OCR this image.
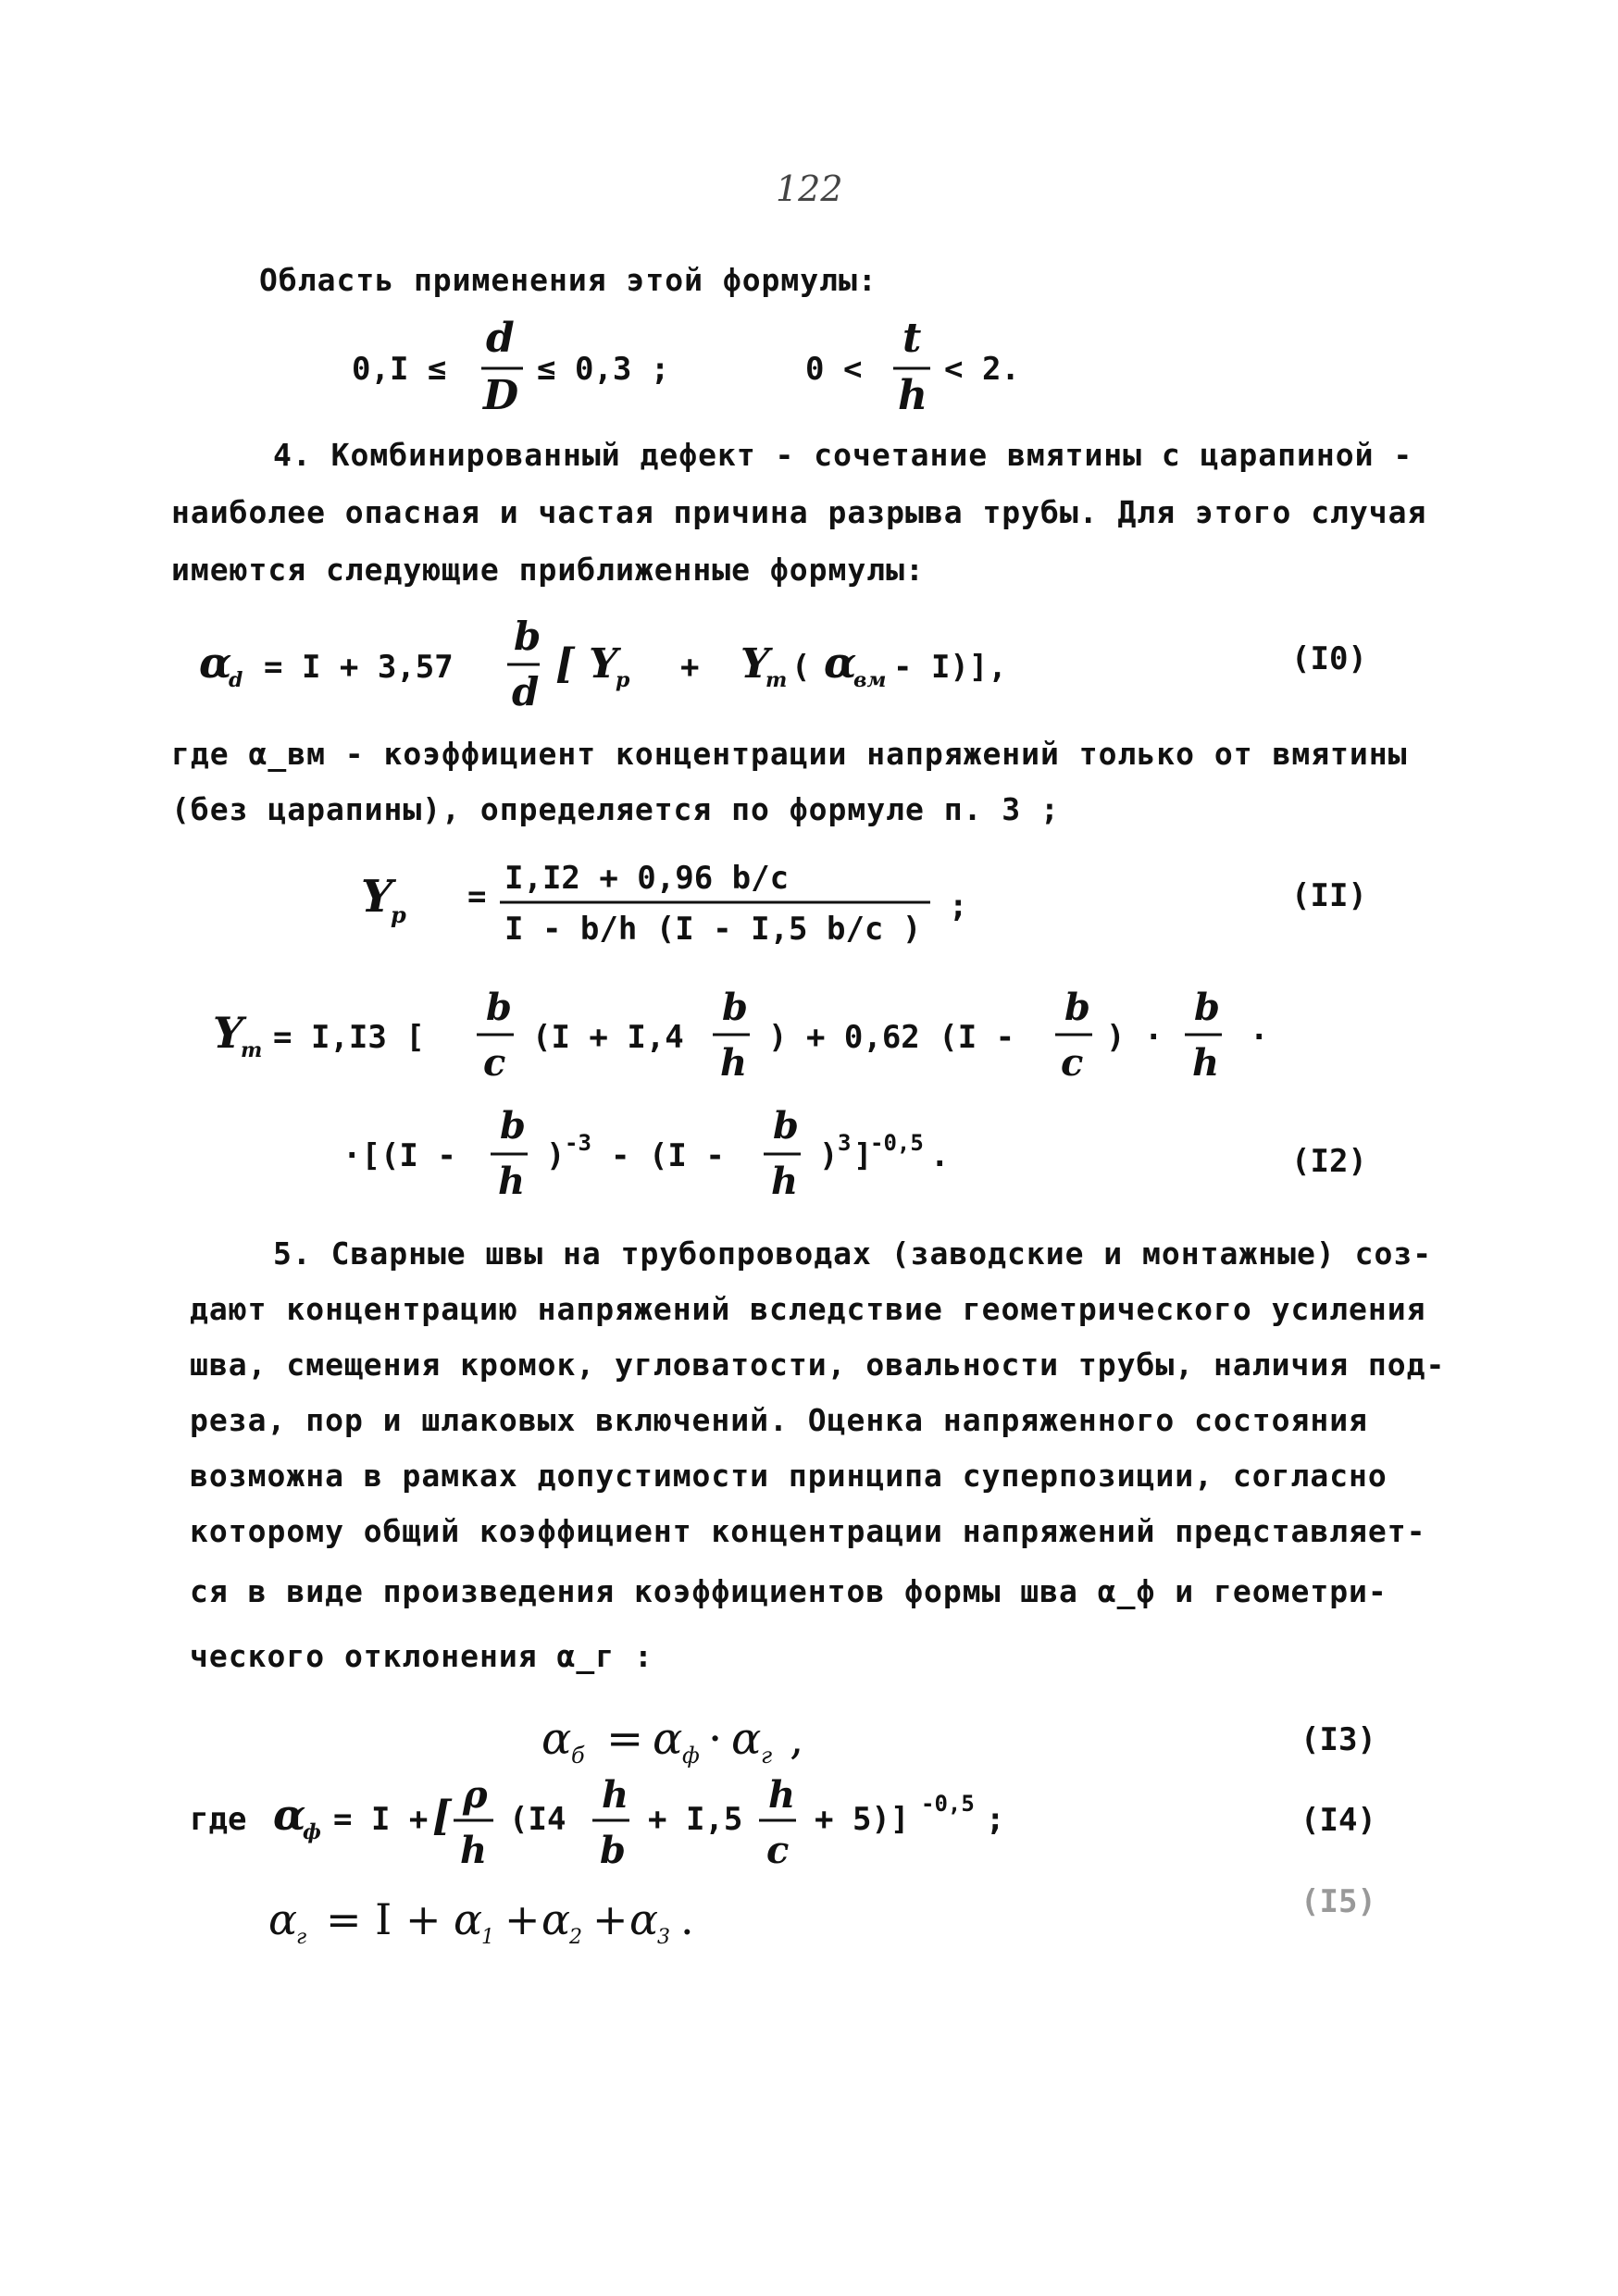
122
Область применения этой формулы:
0,I ≤
d
D
≤ 0,3 ;	0 <
t
h
< 2.
4. Комбинированный дефект - сочетание вмятины с царапиной -
наиболее опасная и частая причина разрыва трубы. Для этого случая
имеются следующие приближенные формулы:
α
d = I + 3,57
b
d
[ Y
p + Y
m ( α
вм - I)],	(I0)
где α_вм - коэффициент концентрации напряжений только от вмятины
(без царапины), определяется по формуле п. 3 ;
Y
p = I,I2 + 0,96 b/c
I - b/h (I - I,5 b/c )
;	(II)
Y
m = I,I3 [
b
c
(I + I,4
b
h
) + 0,62 (I -
b
c
) ·
b
h
·
·[(I -
b
h
) -3 - (I -
b
h
) 3 ]
-0,5 .	(I2)
5. Сварные швы на трубопроводах (заводские и монтажные) соз-
дают концентрацию напряжений вследствие геометрического усиления
шва, смещения кромок, угловатости, овальности трубы, наличия под-
реза, пор и шлаковых включений. Оценка напряженного состояния
возможна в рамках допустимости принципа суперпозиции, согласно
которому общий коэффициент концентрации напряжений представляет-
ся в виде произведения коэффициентов формы шва α_ф и геометри-
ческого отклонения α_г :
α б = α ф · α г ,	(I3)
где α
ф = I + [ ρ
h
(I4
h
b
+ I,5
h
c
+ 5)] -0,5 ;	(I4)
α
г = I + α
1 + α
2 + α
3 .	(I5)
